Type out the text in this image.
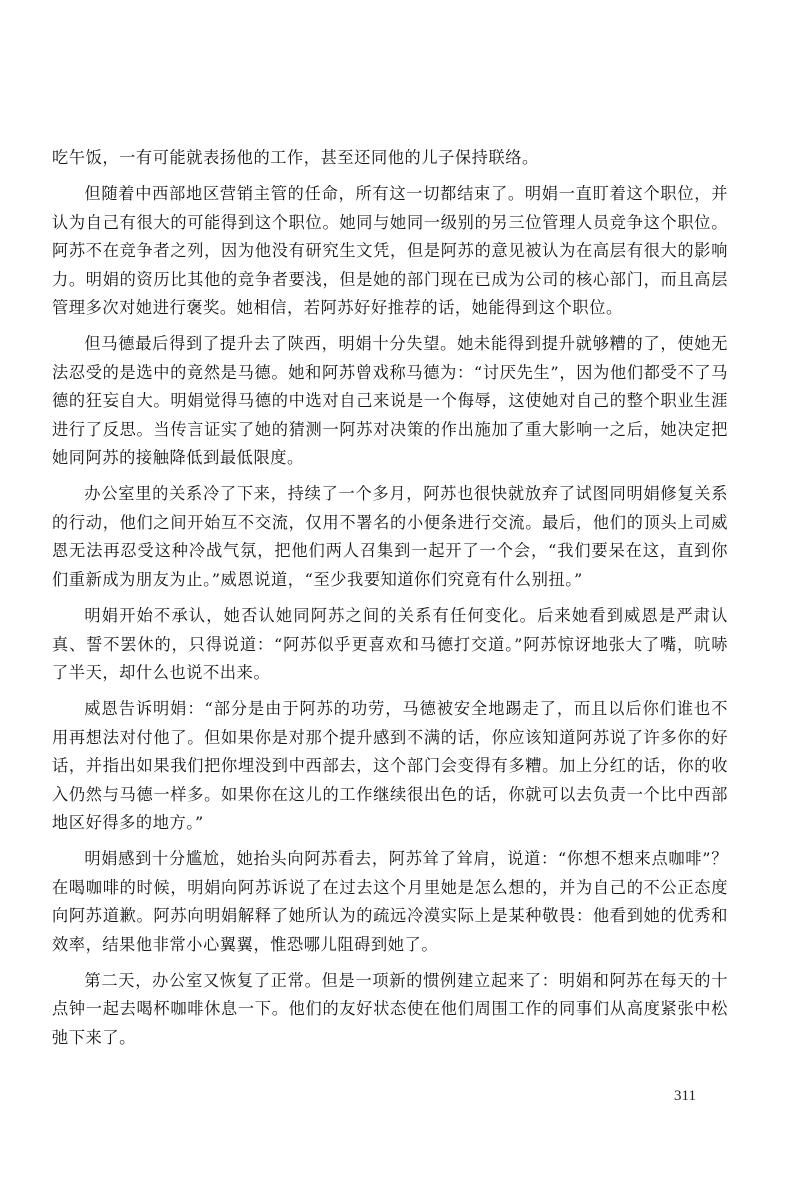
吃午饭，一有可能就表扬他的工作，甚至还同他的儿子保持联络。

但随着中西部地区营销主管的任命，所有这一切都结束了。明娟一直盯着这个职位，并认为自己有很大的可能得到这个职位。她同与她同一级别的另三位管理人员竞争这个职位。阿苏不在竞争者之列，因为他没有研究生文凭，但是阿苏的意见被认为在高层有很大的影响力。明娟的资历比其他的竞争者要浅，但是她的部门现在已成为公司的核心部门，而且高层管理多次对她进行褒奖。她相信，若阿苏好好推荐的话，她能得到这个职位。

但马德最后得到了提升去了陕西，明娟十分失望。她未能得到提升就够糟的了，使她无法忍受的是选中的竟然是马德。她和阿苏曾戏称马德为：“讨厌先生”，因为他们都受不了马德的狂妄自大。明娟觉得马德的中选对自己来说是一个侮辱，这使她对自己的整个职业生涯进行了反思。当传言证实了她的猜测一阿苏对决策的作出施加了重大影响一之后，她决定把她同阿苏的接触降低到最低限度。

办公室里的关系冷了下来，持续了一个多月，阿苏也很快就放弃了试图同明娟修复关系的行动，他们之间开始互不交流，仅用不署名的小便条进行交流。最后，他们的顶头上司威恩无法再忍受这种冷战气氛，把他们两人召集到一起开了一个会，“我们要呆在这，直到你们重新成为朋友为止。”威恩说道，“至少我要知道你们究竟有什么别扭。”

明娟开始不承认，她否认她同阿苏之间的关系有任何变化。后来她看到威恩是严肃认真、誓不罢休的，只得说道：“阿苏似乎更喜欢和马德打交道。”阿苏惊讶地张大了嘴，吭哧了半天，却什么也说不出来。

威恩告诉明娟：“部分是由于阿苏的功劳，马德被安全地踢走了，而且以后你们谁也不用再想法对付他了。但如果你是对那个提升感到不满的话，你应该知道阿苏说了许多你的好话，并指出如果我们把你埋没到中西部去，这个部门会变得有多糟。加上分红的话，你的收入仍然与马德一样多。如果你在这儿的工作继续很出色的话，你就可以去负责一个比中西部地区好得多的地方。”

明娟感到十分尴尬，她抬头向阿苏看去，阿苏耸了耸肩，说道：“你想不想来点咖啡”？在喝咖啡的时候，明娟向阿苏诉说了在过去这个月里她是怎么想的，并为自己的不公正态度向阿苏道歉。阿苏向明娟解释了她所认为的疏远冷漠实际上是某种敬畏：他看到她的优秀和效率，结果他非常小心翼翼，惟恐哪儿阻碍到她了。

第二天，办公室又恢复了正常。但是一项新的惯例建立起来了：明娟和阿苏在每天的十点钟一起去喝杯咖啡休息一下。他们的友好状态使在他们周围工作的同事们从高度紧张中松弛下来了。

311
